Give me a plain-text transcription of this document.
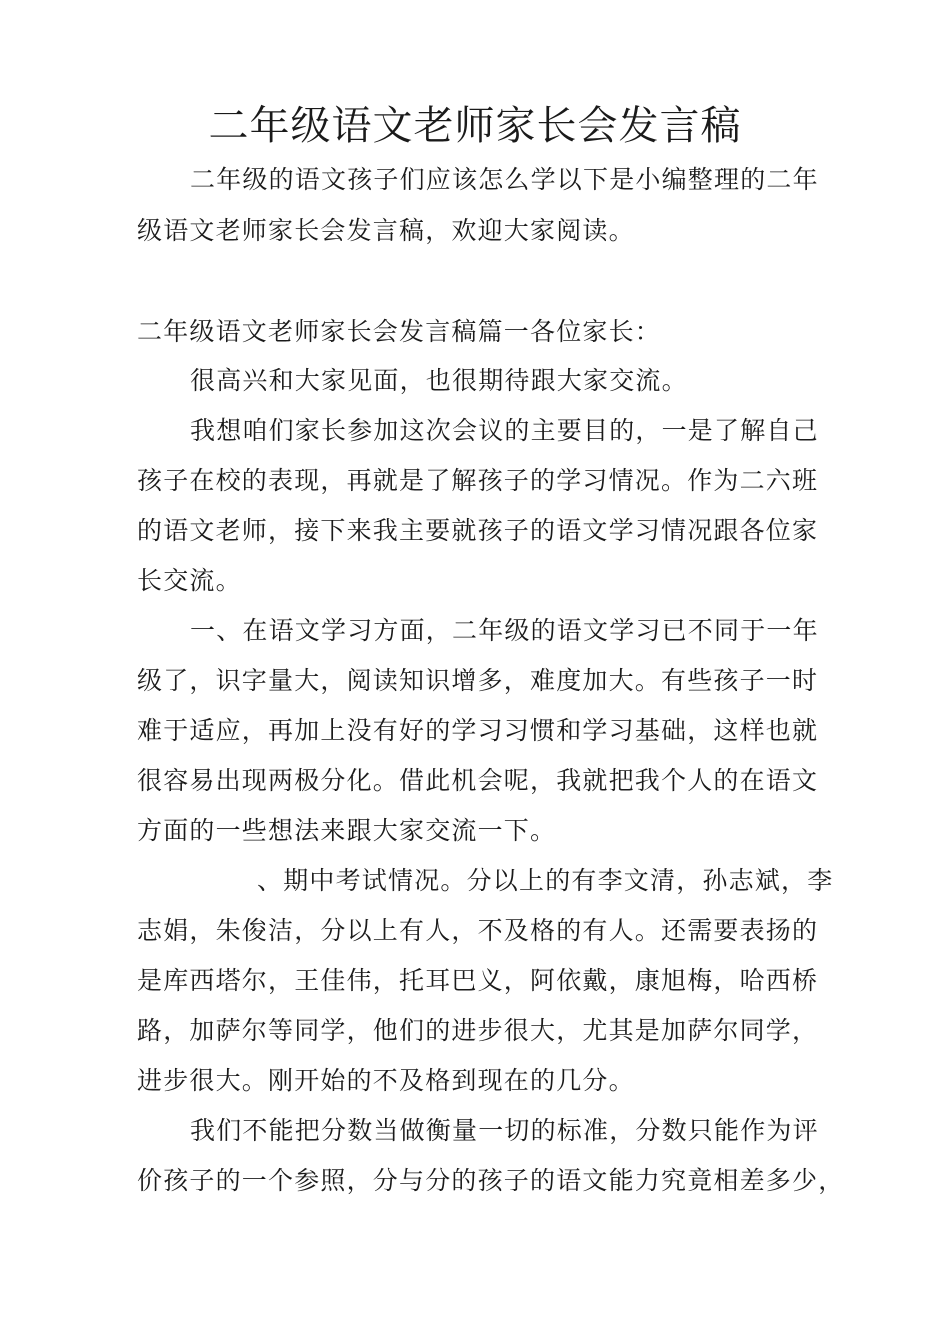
二年级语文老师家长会发言稿
二年级的语文孩子们应该怎么学以下是小编整理的二年
级语文老师家长会发言稿，欢迎大家阅读。
二年级语文老师家长会发言稿篇一各位家长：
很高兴和大家见面，也很期待跟大家交流。
我想咱们家长参加这次会议的主要目的，一是了解自己
孩子在校的表现，再就是了解孩子的学习情况。作为二六班
的语文老师，接下来我主要就孩子的语文学习情况跟各位家
长交流。
一、在语文学习方面，二年级的语文学习已不同于一年
级了，识字量大，阅读知识增多，难度加大。有些孩子一时
难于适应，再加上没有好的学习习惯和学习基础，这样也就
很容易出现两极分化。借此机会呢，我就把我个人的在语文
方面的一些想法来跟大家交流一下。
、期中考试情况。分以上的有李文清，孙志斌，李
志娟，朱俊洁，分以上有人，不及格的有人。还需要表扬的
是库西塔尔，王佳伟，托耳巴义，阿依戴，康旭梅，哈西桥
路，加萨尔等同学，他们的进步很大，尤其是加萨尔同学，
进步很大。刚开始的不及格到现在的几分。
我们不能把分数当做衡量一切的标准，分数只能作为评
价孩子的一个参照，分与分的孩子的语文能力究竟相差多少，
